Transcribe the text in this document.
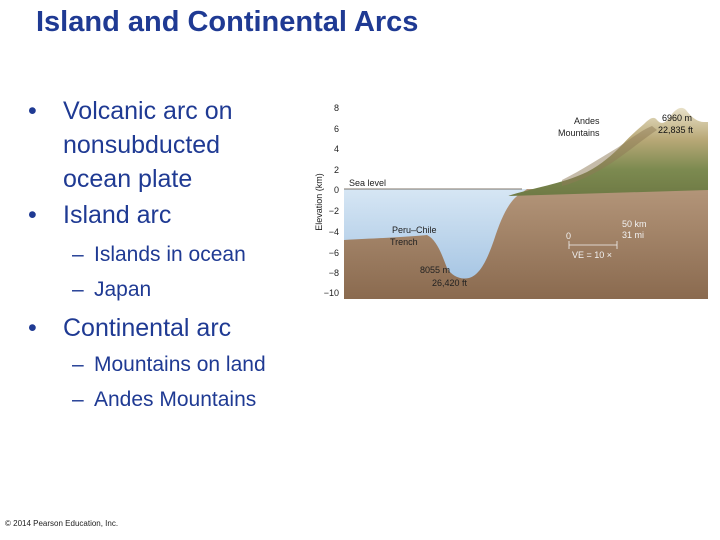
Island and Continental Arcs
•	Volcanic arc on
nonsubducted
ocean plate
•	Island arc
– Islands in ocean
– Japan
•	Continental arc
– Mountains on land
– Andes Mountains
Elevation (km)
8
6
4
2
0
−2
−4
−6
−8
−10
Sea level
Andes
Mountains
6960 m
22,835 ft
Peru–Chile
Trench
8055 m
26,420 ft
0
50 km
31 mi
VE = 10 ×
© 2014 Pearson Education, Inc.
